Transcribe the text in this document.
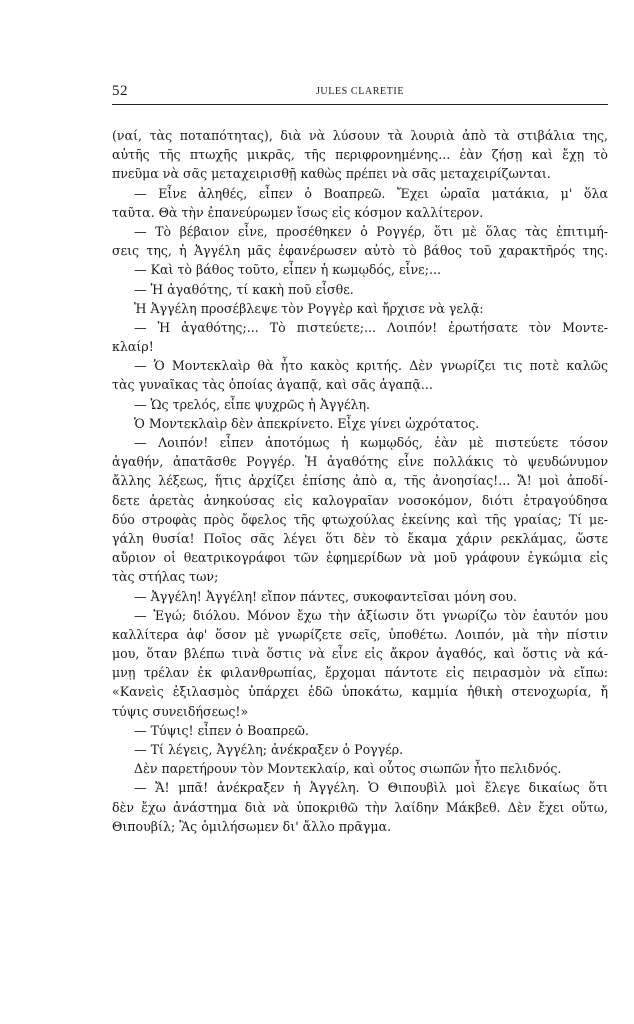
52	JULES CLARETIE
(ναί, τὰς ποταπότητας), διὰ νὰ λύσουν τὰ λουριὰ ἀπὸ τὰ στιβάλια της,
αὐτῆς τῆς πτωχῆς μικρᾶς, τῆς περιφρονημένης... ἐὰν ζήσῃ καὶ ἔχῃ τὸ
πνεῦμα νὰ σᾶς μεταχειρισθῇ καθὼς πρέπει νὰ σᾶς μεταχειρίζωνται.
— Εἶνε ἀληθές, εἶπεν ὁ Βοαπρεῶ. Ἔχει ὡραῖα ματάκια, μ' ὅλα
ταῦτα. Θὰ τὴν ἐπανεύρωμεν ἴσως εἰς κόσμον καλλίτερον.
— Τὸ βέβαιον εἶνε, προσέθηκεν ὁ Ρογγέρ, ὅτι μὲ ὅλας τὰς ἐπιτιμή-
σεις της, ἡ Ἀγγέλη μᾶς ἐφανέρωσεν αὐτὸ τὸ βάθος τοῦ χαρακτῆρός της.
— Καὶ τὸ βάθος τοῦτο, εἶπεν ἡ κωμῳδός, εἶνε;...
— Ἡ ἀγαθότης, τί κακὴ ποῦ εἶσθε.
Ἡ Ἀγγέλη προσέβλεψε τὸν Ρογγὲρ καὶ ἤρχισε νὰ γελᾷ:
— Ἡ ἀγαθότης;... Τὸ πιστεύετε;... Λοιπόν! ἐρωτήσατε τὸν Μοντε-
κλαίρ!
— Ὁ Μοντεκλαὶρ θὰ ἦτο κακὸς κριτής. Δὲν γνωρίζει τις ποτὲ καλῶς
τὰς γυναῖκας τὰς ὁποίας ἀγαπᾷ, καὶ σᾶς ἀγαπᾷ...
— Ὡς τρελός, εἶπε ψυχρῶς ἡ Ἀγγέλη.
Ὁ Μοντεκλαὶρ δὲν ἀπεκρίνετο. Εἶχε γίνει ὠχρότατος.
— Λοιπόν! εἶπεν ἀποτόμως ἡ κωμῳδός, ἐὰν μὲ πιστεύετε τόσον
ἀγαθήν, ἀπατᾶσθε Ρογγέρ. Ἡ ἀγαθότης εἶνε πολλάκις τὸ ψευδώνυμον
ἄλλης λέξεως, ἥτις ἀρχίζει ἐπίσης ἀπὸ α, τῆς ἀνοησίας!... Ἄ! μοὶ ἀποδί-
δετε ἀρετὰς ἀνηκούσας εἰς καλογραῖαν νοσοκόμον, διότι ἐτραγούδησα
δύο στροφὰς πρὸς ὄφελος τῆς φτωχούλας ἐκείνης καὶ τῆς γραίας; Τί με-
γάλη θυσία! Ποῖος σᾶς λέγει ὅτι δὲν τὸ ἔκαμα χάριν ρεκλάμας, ὥστε
αὔριον οἱ θεατρικογράφοι τῶν ἐφημερίδων νὰ μοῦ γράφουν ἐγκώμια εἰς
τὰς στήλας των;
— Ἀγγέλη! Ἀγγέλη! εἴπον πάντες, συκοφαντεῖσαι μόνη σου.
— Ἐγώ; διόλου. Μόνον ἔχω τὴν ἀξίωσιν ὅτι γνωρίζω τὸν ἑαυτόν μου
καλλίτερα ἀφ' ὅσον μὲ γνωρίζετε σεῖς, ὑποθέτω. Λοιπόν, μὰ τὴν πίστιν
μου, ὅταν βλέπω τινὰ ὅστις νὰ εἶνε εἰς ἄκρον ἀγαθός, καὶ ὅστις νὰ κά-
μνῃ τρέλαν ἐκ φιλανθρωπίας, ἔρχομαι πάντοτε εἰς πειρασμὸν νὰ εἴπω:
«Κανεὶς ἐξιλασμὸς ὑπάρχει ἐδῶ ὑποκάτω, καμμία ἠθικὴ στενοχωρία, ἤ
τύψις συνειδήσεως!»
— Τύψις! εἶπεν ὁ Βοαπρεῶ.
— Τί λέγεις, Ἀγγέλη; ἀνέκραξεν ὁ Ρογγέρ.
Δὲν παρετήρουν τὸν Μοντεκλαίρ, καὶ οὗτος σιωπῶν ἦτο πελιδνός.
— Ἄ! μπᾶ! ἀνέκραξεν ἡ Ἀγγέλη. Ὁ Θιπουβὶλ μοὶ ἔλεγε δικαίως ὅτι
δὲν ἔχω ἀνάστημα διὰ νὰ ὑποκριθῶ τὴν λαίδην Μάκβεθ. Δὲν ἔχει οὕτω,
Θιπουβίλ; Ἂς ὁμιλήσωμεν δι' ἄλλο πρᾶγμα.
